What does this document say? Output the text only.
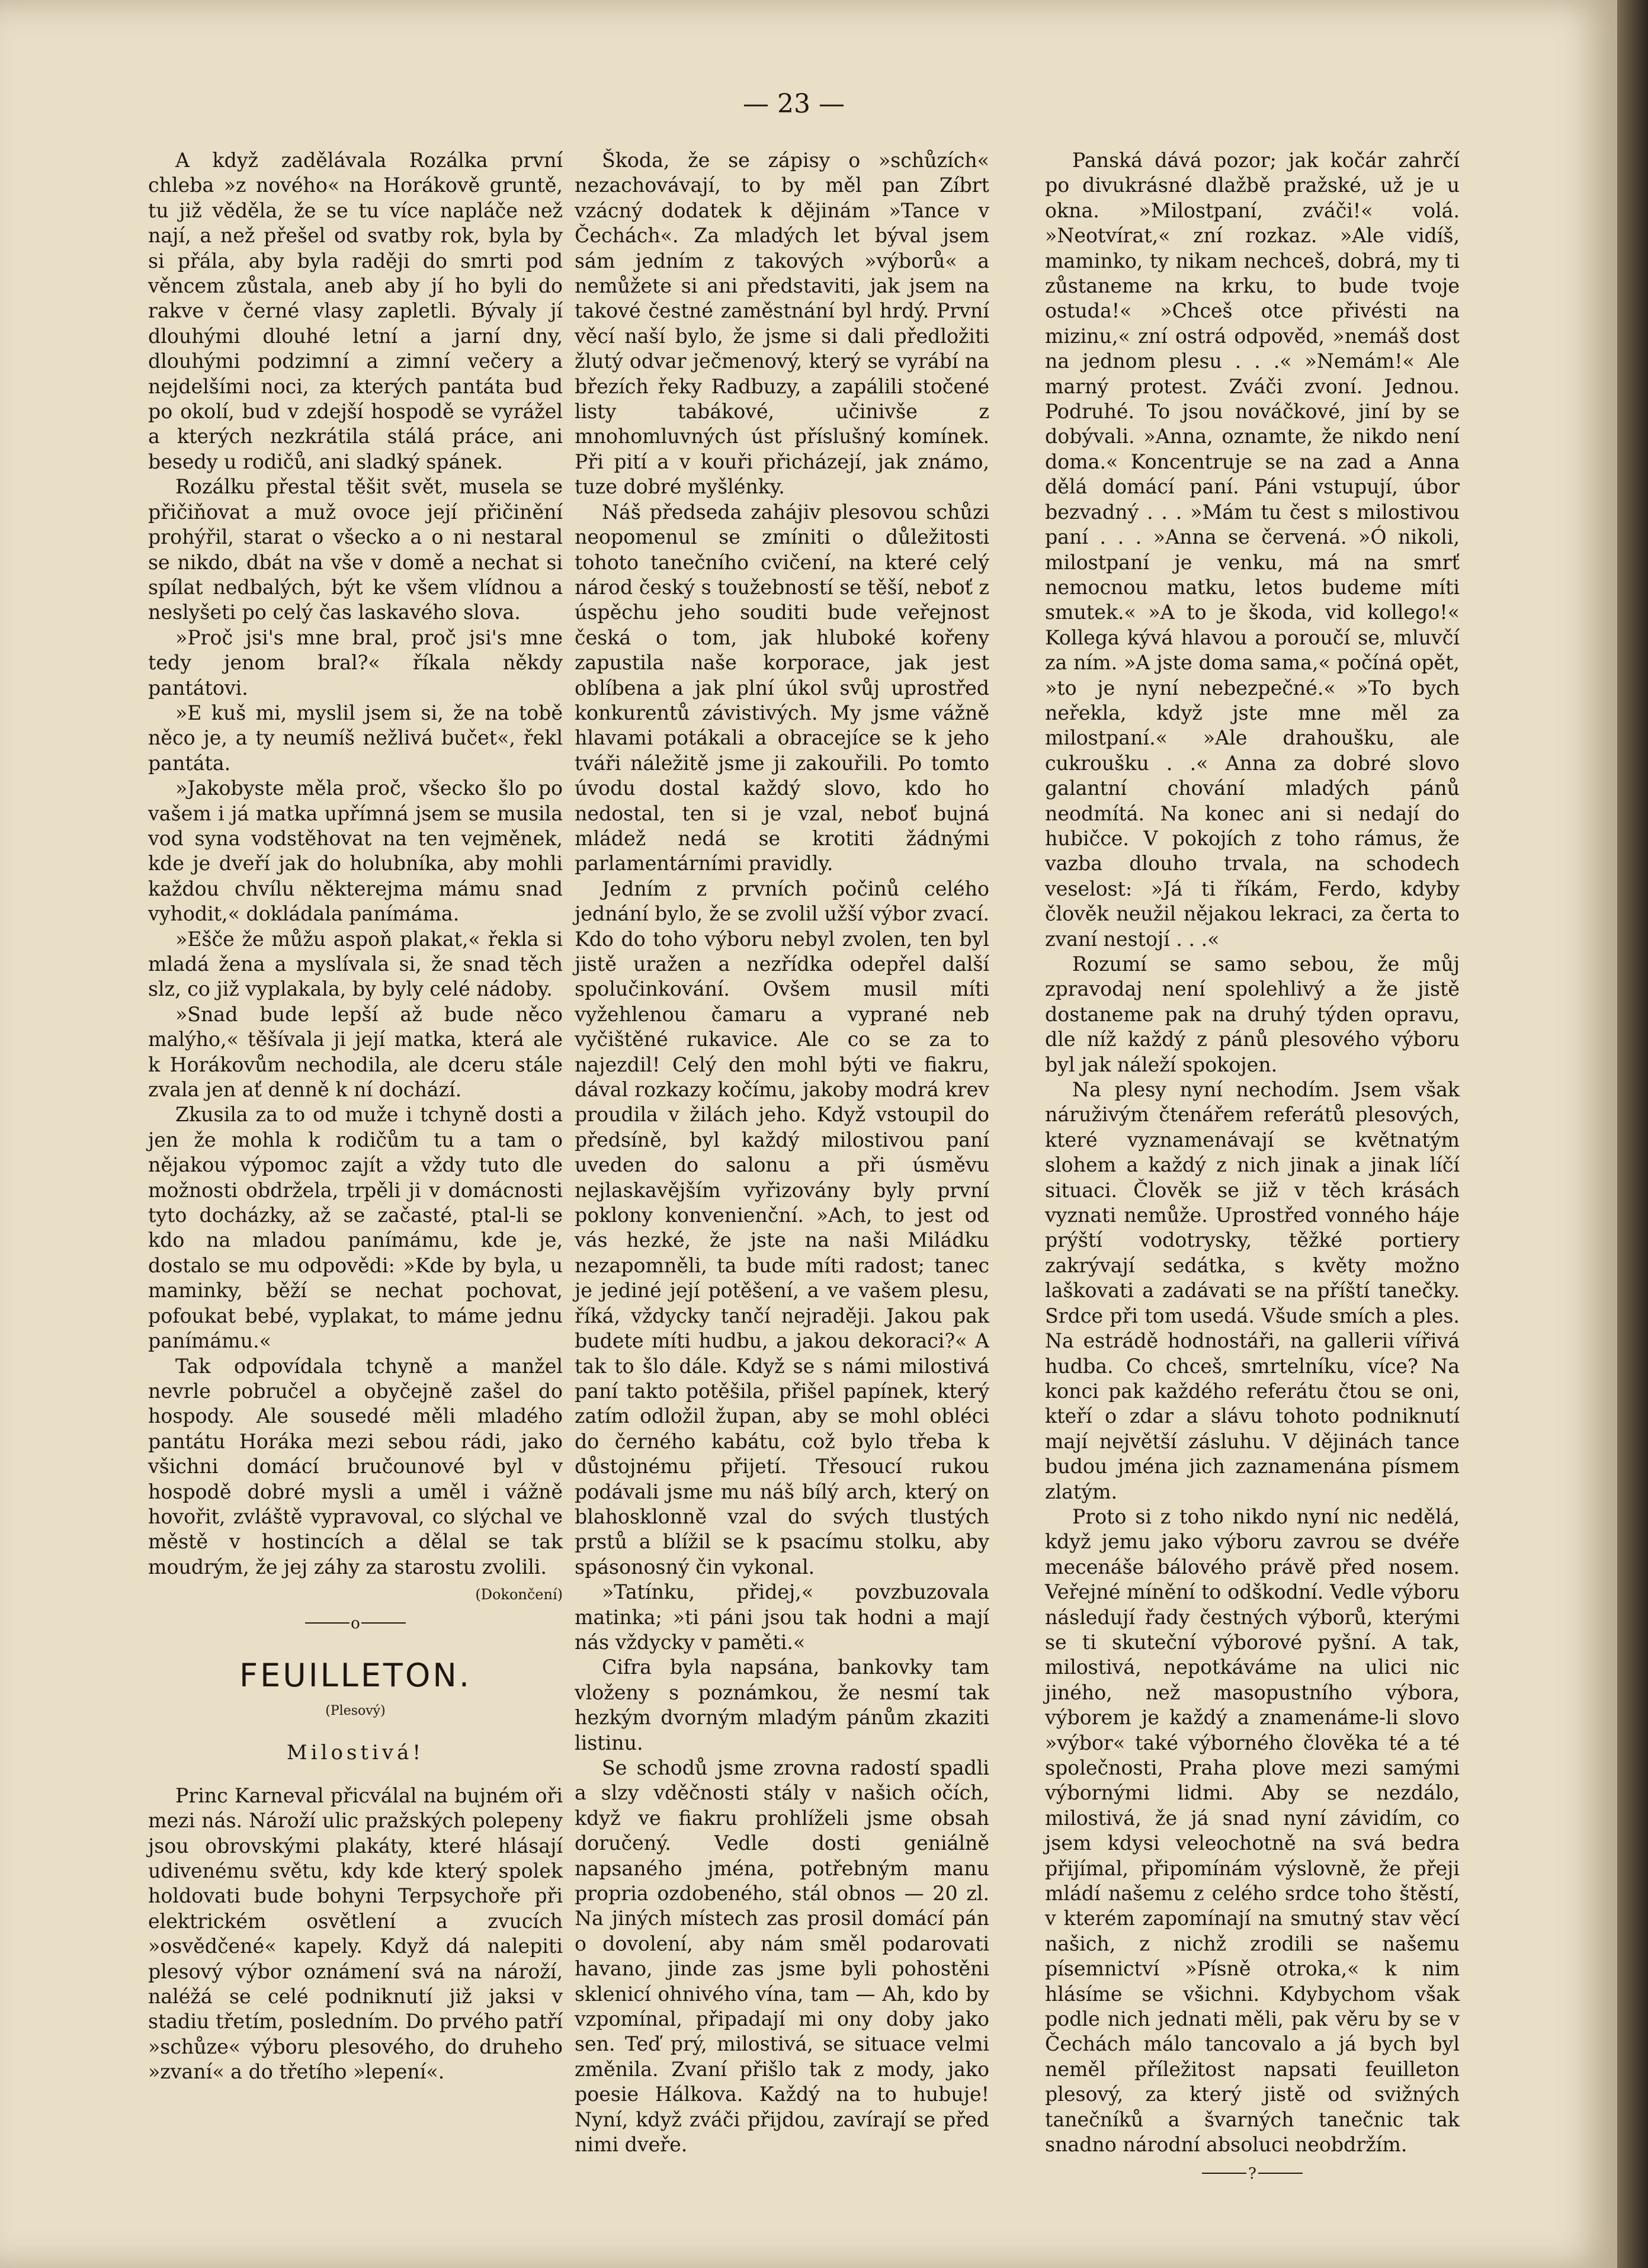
— 23 —

A když zadělávala Rozálka první chleba »z nového« na Horákově gruntě, tu již věděla, že se tu více napláče než nají, a než přešel od svatby rok, byla by si přála, aby byla raději do smrti pod věncem zůstala, aneb aby jí ho byli do rakve v černé vlasy zapletli. Bývaly jí dlouhými dlouhé letní a jarní dny, dlouhými podzimní a zimní večery a nejdelšími noci, za kterých pantáta bud po okolí, bud v zdejší hospodě se vyrážel a kterých nezkrátila stálá práce, ani besedy u rodičů, ani sladký spánek.

Rozálku přestal těšit svět, musela se přičiňovat a muž ovoce její přičinění prohýřil, starat o všecko a o ni nestaral se nikdo, dbát na vše v domě a nechat si spílat nedbalých, být ke všem vlídnou a neslyšeti po celý čas laskavého slova.

»Proč jsi's mne bral, proč jsi's mne tedy jenom bral?« říkala někdy pantátovi.

»E kuš mi, myslil jsem si, že na tobě něco je, a ty neumíš nežlivá bučet«, řekl pantáta.

»Jakobyste měla proč, všecko šlo po vašem i já matka upřímná jsem se musila vod syna vodstěhovat na ten vejměnek, kde je dveří jak do holubníka, aby mohli každou chvílu některejma mámu snad vyhodit,« dokládala panímáma.

»Ešče že můžu aspoň plakat,« řekla si mladá žena a myslívala si, že snad těch slz, co již vyplakala, by byly celé nádoby.

»Snad bude lepší až bude něco malýho,« těšívala ji její matka, která ale k Horákovům nechodila, ale dceru stále zvala jen ať denně k ní dochází.

Zkusila za to od muže i tchyně dosti a jen že mohla k rodičům tu a tam o nějakou výpomoc zajít a vždy tuto dle možnosti obdržela, trpěli ji v domácnosti tyto docházky, až se začasté, ptal-li se kdo na mladou panímámu, kde je, dostalo se mu odpovědi: »Kde by byla, u maminky, běží se nechat pochovat, pofoukat bebé, vyplakat, to máme jednu panímámu.«

Tak odpovídala tchyně a manžel nevrle pobručel a obyčejně zašel do hospody. Ale sousedé měli mladého pantátu Horáka mezi sebou rádi, jako všichni domácí bručounové byl v hospodě dobré mysli a uměl i vážně hovořit, zvláště vypravoval, co slýchal ve městě v hostincích a dělal se tak moudrým, že jej záhy za starostu zvolili.

(Dokončení)
o
FEUILLETON.
(Plesový)
Milostivá!

Princ Karneval přicválal na bujném oři mezi nás. Nároží ulic pražských polepeny jsou obrovskými plakáty, které hlásají udivenému světu, kdy kde který spolek holdovati bude bohyni Terpsychoře při elektrickém osvětlení a zvucích »osvědčené« kapely. Když dá nalepiti plesový výbor oznámení svá na nároží, naléžá se celé podniknutí již jaksi v stadiu třetím, posledním. Do prvého patří »schůze« výboru plesového, do druheho »zvaní« a do třetího »lepení«.

Škoda, že se zápisy o »schůzích« nezachovávají, to by měl pan Zíbrt vzácný dodatek k dějinám »Tance v Čechách«. Za mladých let býval jsem sám jedním z takových »výborů« a nemůžete si ani představiti, jak jsem na takové čestné zaměstnání byl hrdý. První věcí naší bylo, že jsme si dali předložiti žlutý odvar ječmenový, který se vyrábí na březích řeky Radbuzy, a zapálili stočené listy tabákové, učinivše z mnohomluvných úst příslušný komínek. Při pití a v kouři přicházejí, jak známo, tuze dobré myšlénky.

Náš předseda zahájiv plesovou schůzi neopomenul se zmíniti o důležitosti tohoto tanečního cvičení, na které celý národ český s toužebností se těší, neboť z úspěchu jeho souditi bude veřejnost česká o tom, jak hluboké kořeny zapustila naše korporace, jak jest oblíbena a jak plní úkol svůj uprostřed konkurentů závistivých. My jsme vážně hlavami potákali a obracejíce se k jeho tváři náležitě jsme ji zakouřili. Po tomto úvodu dostal každý slovo, kdo ho nedostal, ten si je vzal, neboť bujná mládež nedá se krotiti žádnými parlamentárními pravidly.

Jedním z prvních počinů celého jednání bylo, že se zvolil užší výbor zvací. Kdo do toho výboru nebyl zvolen, ten byl jistě uražen a nezřídka odepřel další spolučinkování. Ovšem musil míti vyžehlenou čamaru a vyprané neb vyčištěné rukavice. Ale co se za to najezdil! Celý den mohl býti ve fiakru, dával rozkazy kočímu, jakoby modrá krev proudila v žilách jeho. Když vstoupil do předsíně, byl každý milostivou paní uveden do salonu a při úsměvu nejlaskavějším vyřizovány byly první poklony konvenienční. »Ach, to jest od vás hezké, že jste na naši Miládku nezapomněli, ta bude míti radost; tanec je jediné její potěšení, a ve vašem plesu, říká, vždycky tančí nejraději. Jakou pak budete míti hudbu, a jakou dekoraci?« A tak to šlo dále. Když se s námi milostivá paní takto potěšila, přišel papínek, který zatím odložil župan, aby se mohl obléci do černého kabátu, což bylo třeba k důstojnému přijetí. Třesoucí rukou podávali jsme mu náš bílý arch, který on blahosklonně vzal do svých tlustých prstů a blížil se k psacímu stolku, aby spásonosný čin vykonal.

»Tatínku, přidej,« povzbuzovala matinka; »ti páni jsou tak hodni a mají nás vždycky v paměti.«

Cifra byla napsána, bankovky tam vloženy s poznámkou, že nesmí tak hezkým dvorným mladým pánům zkaziti listinu.

Se schodů jsme zrovna radostí spadli a slzy vděčnosti stály v našich očích, když ve fiakru prohlíželi jsme obsah doručený. Vedle dosti geniálně napsaného jména, potřebným manu propria ozdobeného, stál obnos — 20 zl. Na jiných místech zas prosil domácí pán o dovolení, aby nám směl podarovati havano, jinde zas jsme byli pohostěni sklenicí ohnivého vína, tam — Ah, kdo by vzpomínal, připadají mi ony doby jako sen. Teď prý, milostivá, se situace velmi změnila. Zvaní přišlo tak z mody, jako poesie Hálkova. Každý na to hubuje! Nyní, když zváči přijdou, zavírají se před nimi dveře.

Panská dává pozor; jak kočár zahrčí po divukrásné dlažbě pražské, už je u okna. »Milostpaní, zváči!« volá. »Neotvírat,« zní rozkaz. »Ale vidíš, maminko, ty nikam nechceš, dobrá, my ti zůstaneme na krku, to bude tvoje ostuda!« »Chceš otce přivésti na mizinu,« zní ostrá odpověd, »nemáš dost na jednom plesu . . .« »Nemám!« Ale marný protest. Zváči zvoní. Jednou. Podruhé. To jsou nováčkové, jiní by se dobývali. »Anna, oznamte, že nikdo není doma.« Koncentruje se na zad a Anna dělá domácí paní. Páni vstupují, úbor bezvadný . . . »Mám tu čest s milostivou paní . . . »Anna se červená. »Ó nikoli, milostpaní je venku, má na smrť nemocnou matku, letos budeme míti smutek.« »A to je škoda, vid kollego!« Kollega kývá hlavou a poroučí se, mluvčí za ním. »A jste doma sama,« počíná opět, »to je nyní nebezpečné.« »To bych neřekla, když jste mne měl za milostpaní.« »Ale drahoušku, ale cukroušku . .« Anna za dobré slovo galantní chování mladých pánů neodmítá. Na konec ani si nedají do hubičce. V pokojích z toho rámus, že vazba dlouho trvala, na schodech veselost: »Já ti říkám, Ferdo, kdyby člověk neužil nějakou lekraci, za čerta to zvaní nestojí . . .«

Rozumí se samo sebou, že můj zpravodaj není spolehlivý a že jistě dostaneme pak na druhý týden opravu, dle níž každý z pánů plesového výboru byl jak náleží spokojen.

Na plesy nyní nechodím. Jsem však náruživým čtenářem referátů plesových, které vyznamenávají se květnatým slohem a každý z nich jinak a jinak líčí situaci. Člověk se již v těch krásách vyznati nemůže. Uprostřed vonného háje prýští vodotrysky, těžké portiery zakrývají sedátka, s květy možno laškovati a zadávati se na příští tanečky. Srdce při tom usedá. Všude smích a ples. Na estrádě hodnostáři, na gallerii vířivá hudba. Co chceš, smrtelníku, více? Na konci pak každého referátu čtou se oni, kteří o zdar a slávu tohoto podniknutí mají největší zásluhu. V dějinách tance budou jména jich zaznamenána písmem zlatým.

Proto si z toho nikdo nyní nic nedělá, když jemu jako výboru zavrou se dvéře mecenáše bálového právě před nosem. Veřejné mínění to odškodní. Vedle výboru následují řady čestných výborů, kterými se ti skuteční výborové pyšní. A tak, milostivá, nepotkáváme na ulici nic jiného, než masopustního výbora, výborem je každý a znamenáme-li slovo »výbor« také výborného člověka té a té společnosti, Praha plove mezi samými výbornými lidmi. Aby se nezdálo, milostivá, že já snad nyní závidím, co jsem kdysi veleochotně na svá bedra přijímal, připomínám výslovně, že přeji mládí našemu z celého srdce toho štěstí, v kterém zapomínají na smutný stav věcí našich, z nichž zrodili se našemu písemnictví »Písně otroka,« k nim hlásíme se všichni. Kdybychom však podle nich jednati měli, pak věru by se v Čechách málo tancovalo a já bych byl neměl příležitost napsati feuilleton plesový, za který jistě od svižných tanečníků a švarných tanečnic tak snadno národní absoluci neobdržím.

?
